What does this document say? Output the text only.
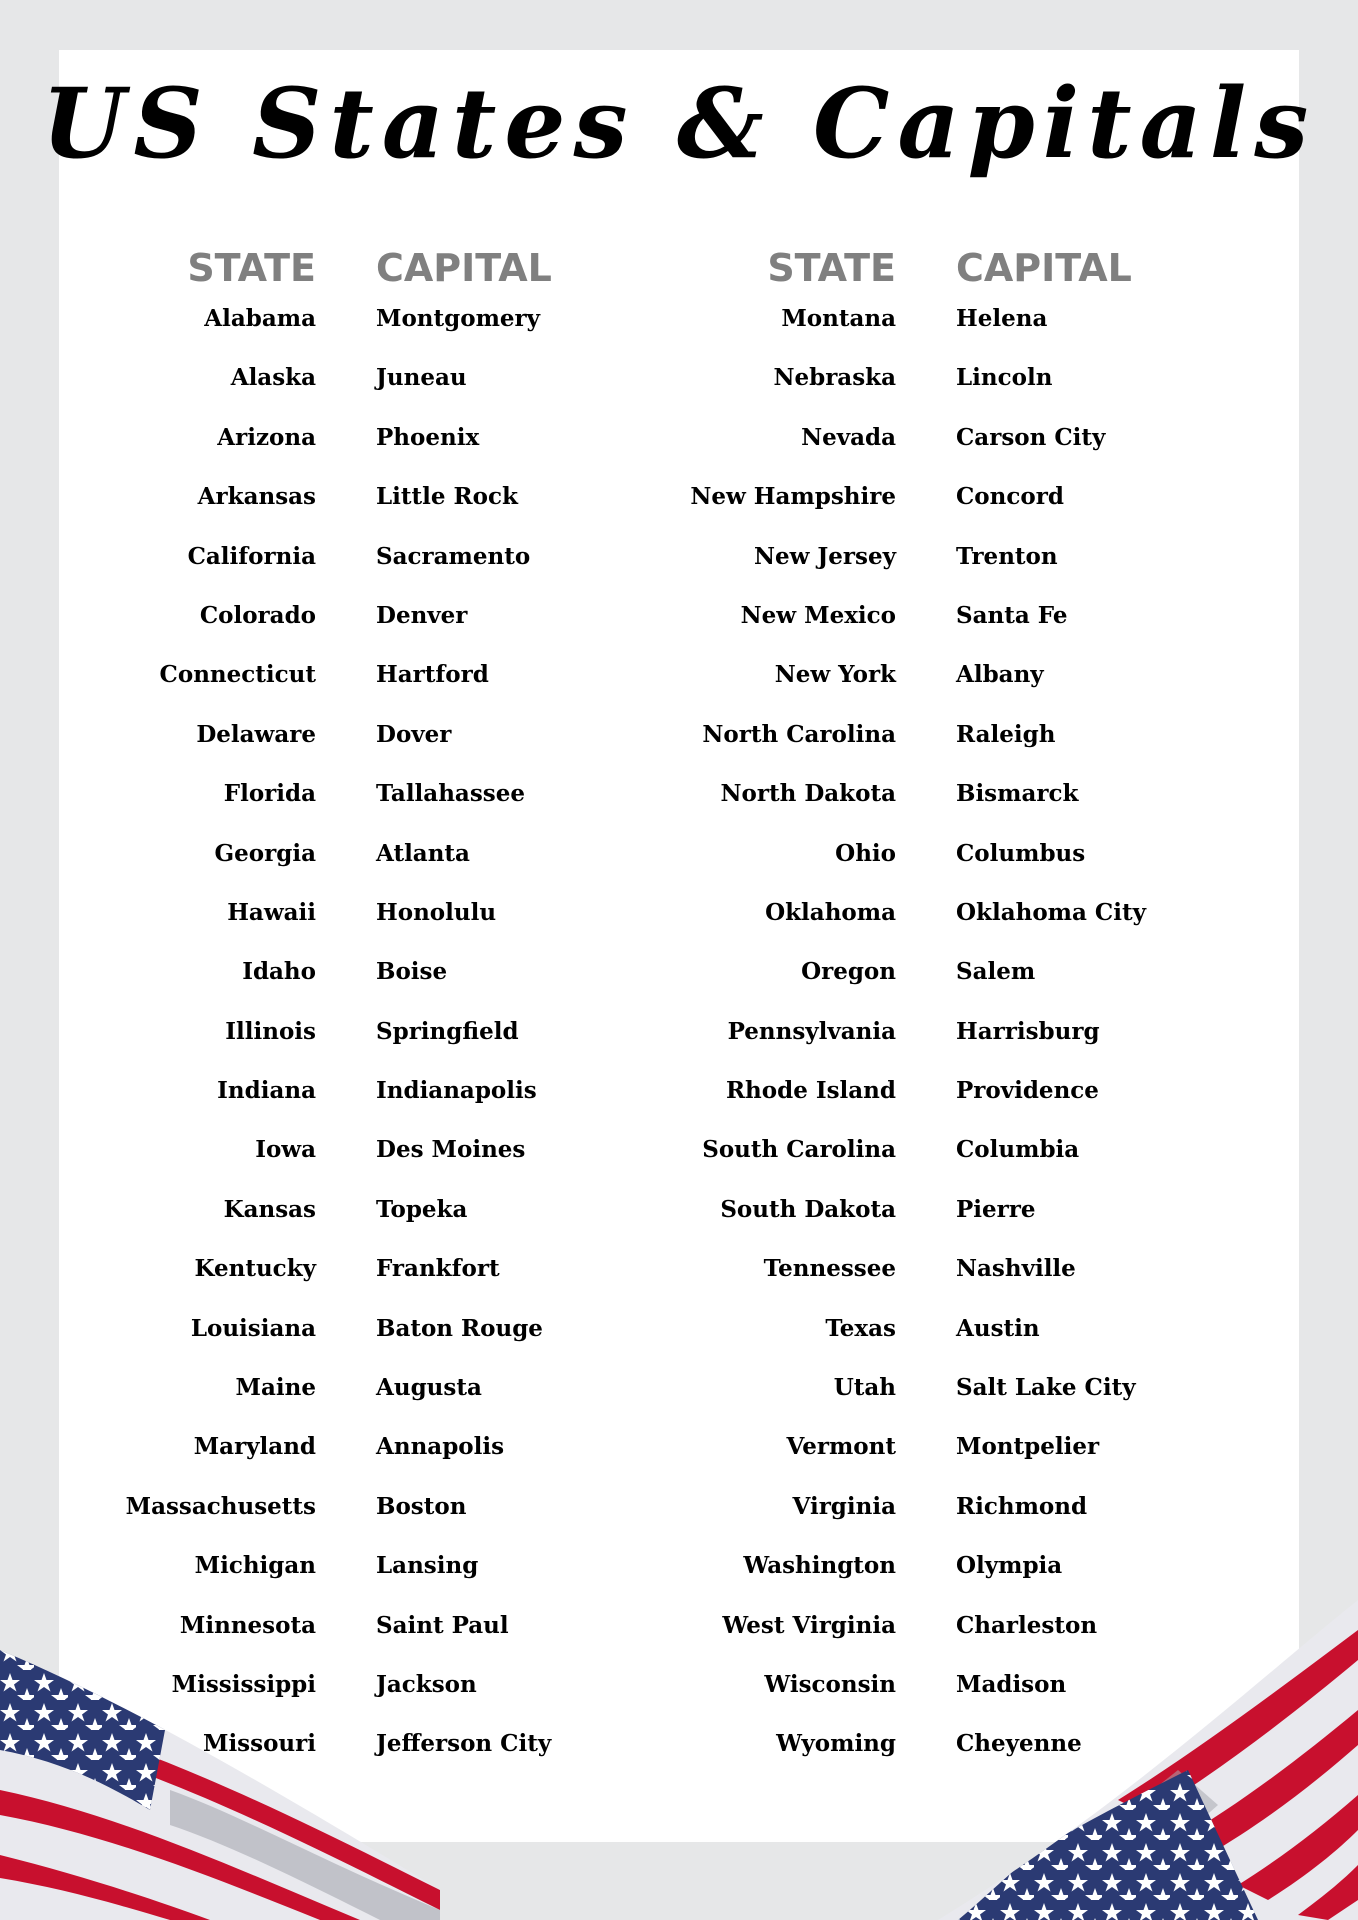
US States & Capitals
STATE CAPITAL	STATE CAPITAL
Alabama
Alaska
Arizona
Arkansas
California
Colorado
Connecticut
Delaware
Florida
Georgia
Hawaii
Idaho
Illinois
Indiana
Iowa
Kansas
Kentucky
Louisiana
Maine
Maryland
Massachusetts
Michigan
Minnesota
Mississippi
Missouri
Montgomery
Juneau
Phoenix
Little Rock
Sacramento
Denver
Hartford
Dover
Tallahassee
Atlanta
Honolulu
Boise
Springfield
Indianapolis
Des Moines
Topeka
Frankfort
Baton Rouge
Augusta
Annapolis
Boston
Lansing
Saint Paul
Jackson
Jefferson City
Montana
Nebraska
Nevada
New Hampshire
New Jersey
New Mexico
New York
North Carolina
North Dakota
Ohio
Oklahoma
Oregon
Pennsylvania
Rhode Island
South Carolina
South Dakota
Tennessee
Texas
Utah
Vermont
Virginia
Washington
West Virginia
Wisconsin
Wyoming
Helena
Lincoln
Carson City
Concord
Trenton
Santa Fe
Albany
Raleigh
Bismarck
Columbus
Oklahoma City
Salem
Harrisburg
Providence
Columbia
Pierre
Nashville
Austin
Salt Lake City
Montpelier
Richmond
Olympia
Charleston
Madison
Cheyenne
